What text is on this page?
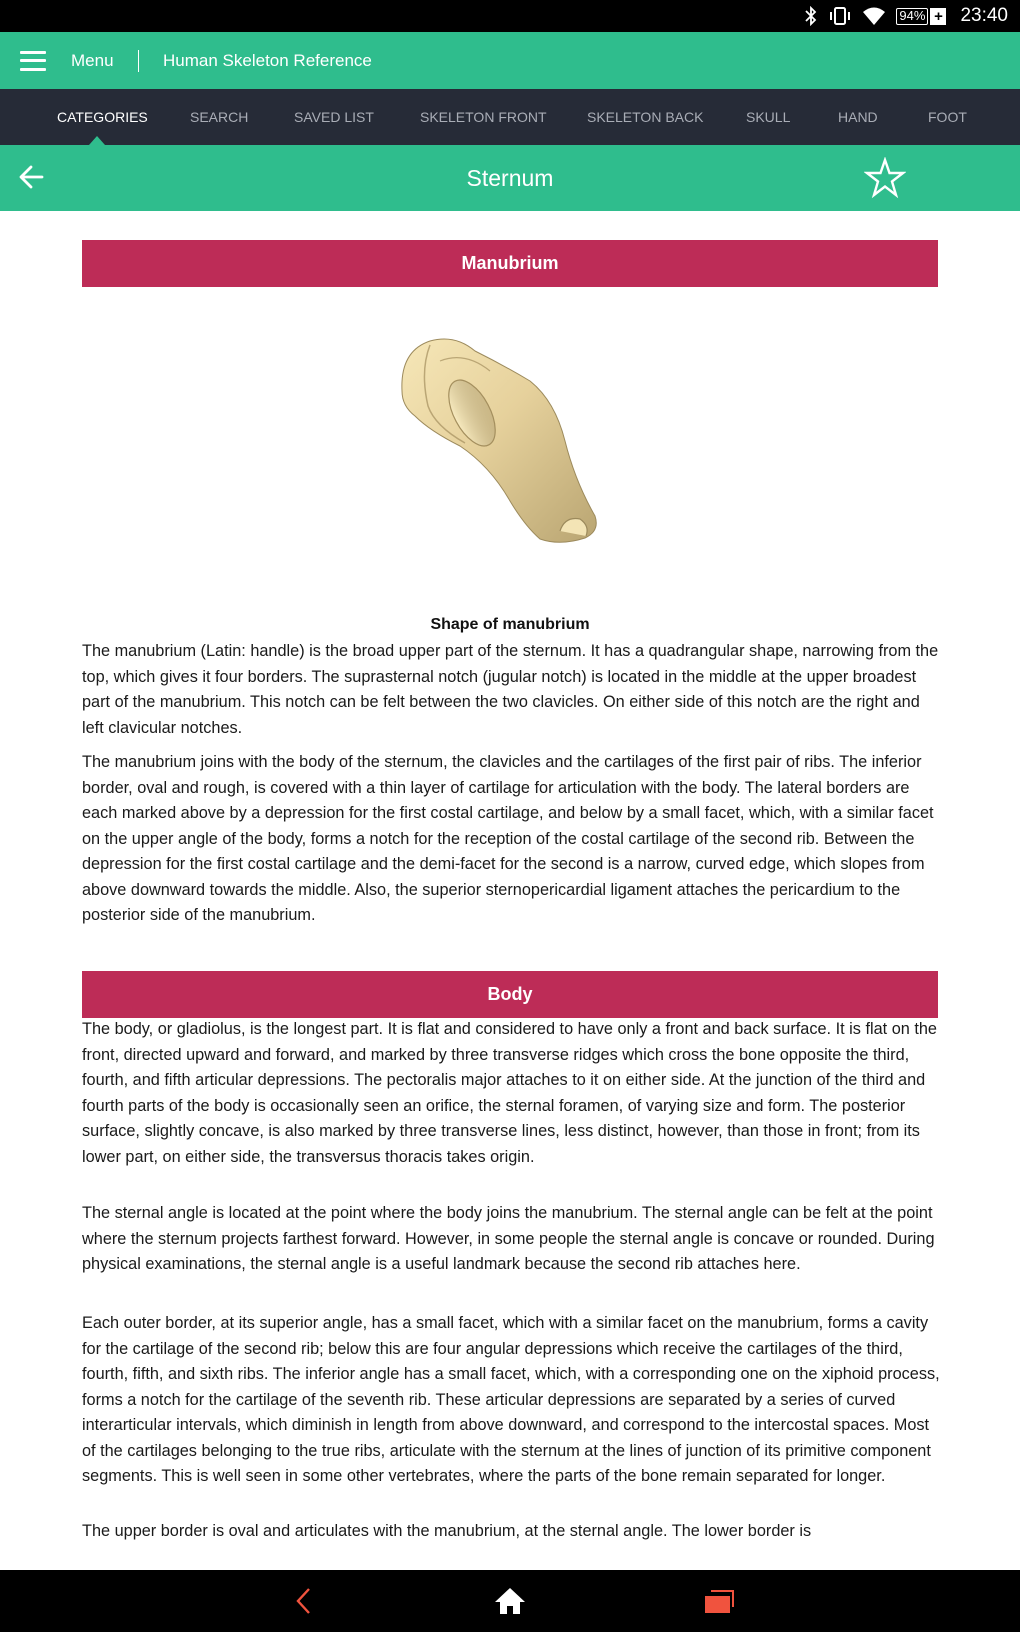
94% + 23:40
Menu	Human Skeleton Reference
CATEGORIES	SEARCH	SAVED LIST	SKELETON FRONT	SKELETON BACK	SKULL	HAND	FOOT
Sternum
Manubrium
Shape of manubrium

The manubrium (Latin: handle) is the broad upper part of the sternum. It has a quadrangular shape, narrowing from the top, which gives it four borders. The suprasternal notch (jugular notch) is located in the middle at the upper broadest part of the manubrium. This notch can be felt between the two clavicles. On either side of this notch are the right and left clavicular notches.

The manubrium joins with the body of the sternum, the clavicles and the cartilages of the first pair of ribs. The inferior border, oval and rough, is covered with a thin layer of cartilage for articulation with the body. The lateral borders are each marked above by a depression for the first costal cartilage, and below by a small facet, which, with a similar facet on the upper angle of the body, forms a notch for the reception of the costal cartilage of the second rib. Between the depression for the first costal cartilage and the demi-facet for the second is a narrow, curved edge, which slopes from above downward towards the middle. Also, the superior sternopericardial ligament attaches the pericardium to the posterior side of the manubrium.

Body

The body, or gladiolus, is the longest part. It is flat and considered to have only a front and back surface. It is flat on the front, directed upward and forward, and marked by three transverse ridges which cross the bone opposite the third, fourth, and fifth articular depressions. The pectoralis major attaches to it on either side. At the junction of the third and fourth parts of the body is occasionally seen an orifice, the sternal foramen, of varying size and form. The posterior surface, slightly concave, is also marked by three transverse lines, less distinct, however, than those in front; from its lower part, on either side, the transversus thoracis takes origin.

The sternal angle is located at the point where the body joins the manubrium. The sternal angle can be felt at the point where the sternum projects farthest forward. However, in some people the sternal angle is concave or rounded. During physical examinations, the sternal angle is a useful landmark because the second rib attaches here.

Each outer border, at its superior angle, has a small facet, which with a similar facet on the manubrium, forms a cavity for the cartilage of the second rib; below this are four angular depressions which receive the cartilages of the third, fourth, fifth, and sixth ribs. The inferior angle has a small facet, which, with a corresponding one on the xiphoid process, forms a notch for the cartilage of the seventh rib. These articular depressions are separated by a series of curved interarticular intervals, which diminish in length from above downward, and correspond to the intercostal spaces. Most of the cartilages belonging to the true ribs, articulate with the sternum at the lines of junction of its primitive component segments. This is well seen in some other vertebrates, where the parts of the bone remain separated for longer.

The upper border is oval and articulates with the manubrium, at the sternal angle. The lower border is
